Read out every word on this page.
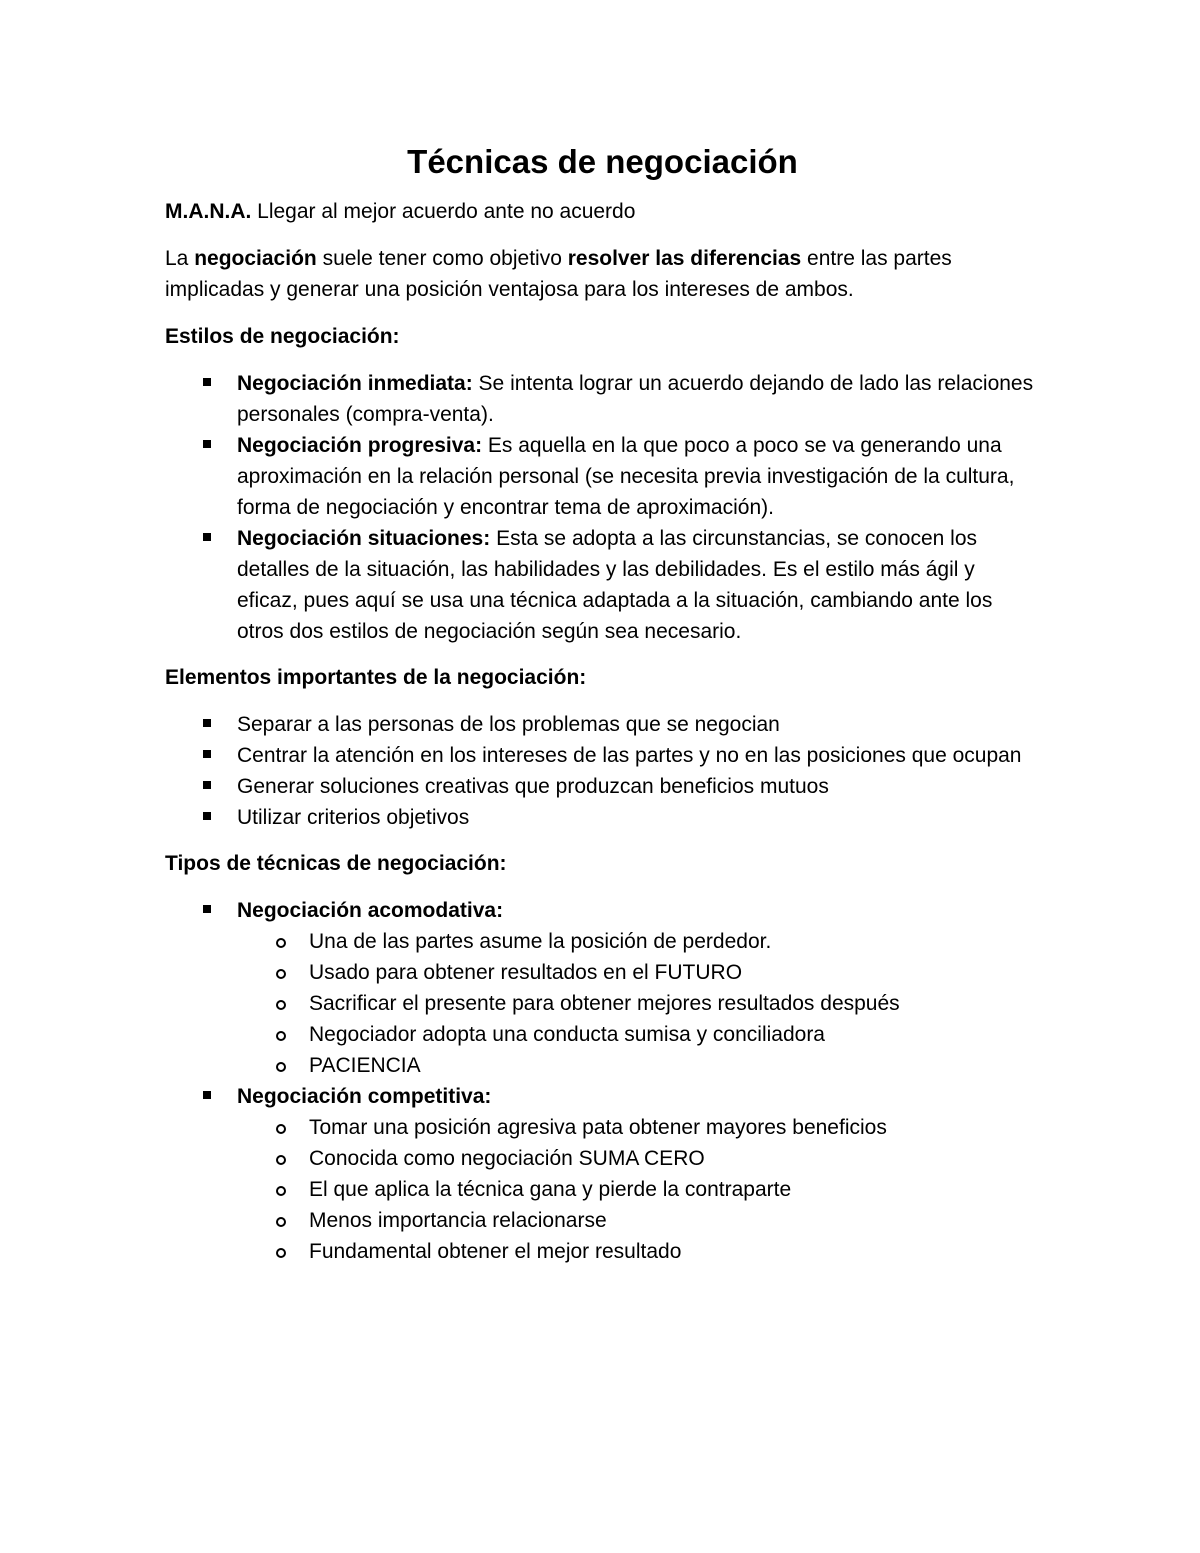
Técnicas de negociación

M.A.N.A. Llegar al mejor acuerdo ante no acuerdo

La negociación suele tener como objetivo resolver las diferencias entre las partes implicadas y generar una posición ventajosa para los intereses de ambos.

Estilos de negociación:

Negociación inmediata: Se intenta lograr un acuerdo dejando de lado las relaciones personales (compra-venta).
Negociación progresiva: Es aquella en la que poco a poco se va generando una aproximación en la relación personal (se necesita previa investigación de la cultura, forma de negociación y encontrar tema de aproximación).
Negociación situaciones: Esta se adopta a las circunstancias, se conocen los detalles de la situación, las habilidades y las debilidades. Es el estilo más ágil y eficaz, pues aquí se usa una técnica adaptada a la situación, cambiando ante los otros dos estilos de negociación según sea necesario.

Elementos importantes de la negociación:

Separar a las personas de los problemas que se negocian
Centrar la atención en los intereses de las partes y no en las posiciones que ocupan
Generar soluciones creativas que produzcan beneficios mutuos
Utilizar criterios objetivos

Tipos de técnicas de negociación:

Negociación acomodativa:
Una de las partes asume la posición de perdedor.
Usado para obtener resultados en el FUTURO
Sacrificar el presente para obtener mejores resultados después
Negociador adopta una conducta sumisa y conciliadora
PACIENCIA
Negociación competitiva:
Tomar una posición agresiva pata obtener mayores beneficios
Conocida como negociación SUMA CERO
El que aplica la técnica gana y pierde la contraparte
Menos importancia relacionarse
Fundamental obtener el mejor resultado
